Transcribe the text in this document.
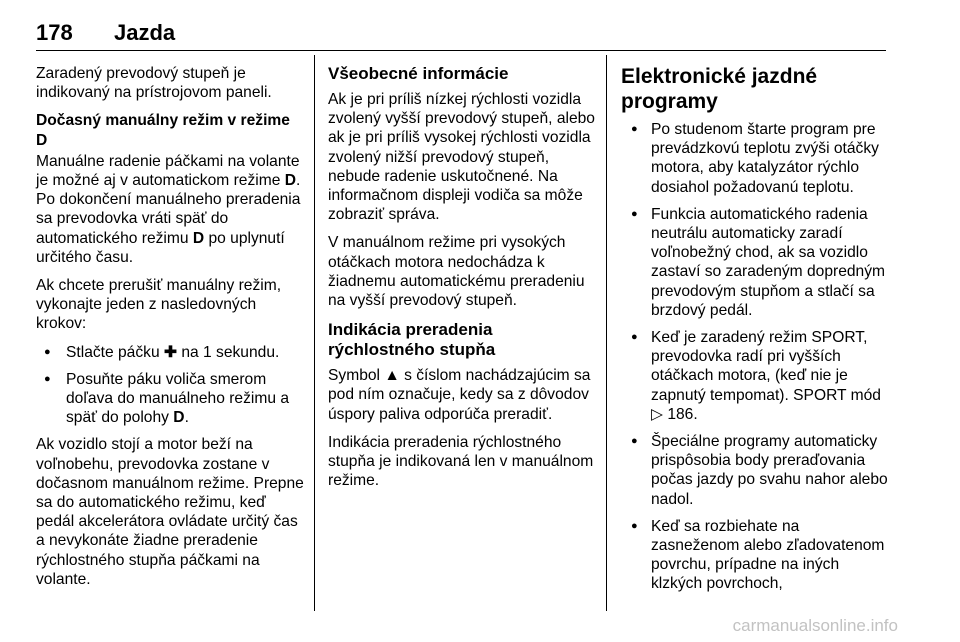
178 Jazda

Zaradený prevodový stupeň je indikovaný na prístrojovom paneli.

Dočasný manuálny režim v režime D

Manuálne radenie páčkami na volante je možné aj v automatickom režime D. Po dokončení manuálneho preradenia sa prevodovka vráti späť do automatického režimu D po uplynutí určitého času.

Ak chcete prerušiť manuálny režim, vykonajte jeden z nasledovných krokov:

● Stlačte páčku ✚ na 1 sekundu.
● Posuňte páku voliča smerom doľava do manuálneho režimu a späť do polohy D.

Ak vozidlo stojí a motor beží na voľnobehu, prevodovka zostane v dočasnom manuálnom režime. Prepne sa do automatického režimu, keď pedál akcelerátora ovládate určitý čas a nevykonáte žiadne preradenie rýchlostného stupňa páčkami na volante.

Všeobecné informácie

Ak je pri príliš nízkej rýchlosti vozidla zvolený vyšší prevodový stupeň, alebo ak je pri príliš vysokej rýchlosti vozidla zvolený nižší prevodový stupeň, nebude radenie uskutočnené. Na informačnom displeji vodiča sa môže zobraziť správa.

V manuálnom režime pri vysokých otáčkach motora nedochádza k žiadnemu automatickému preradeniu na vyšší prevodový stupeň.

Indikácia preradenia rýchlostného stupňa

Symbol ▲ s číslom nachádzajúcim sa pod ním označuje, kedy sa z dôvodov úspory paliva odporúča preradiť.

Indikácia preradenia rýchlostného stupňa je indikovaná len v manuálnom režime.

Elektronické jazdné programy

● Po studenom štarte program pre prevádzkovú teplotu zvýši otáčky motora, aby katalyzátor rýchlo dosiahol požadovanú teplotu.
● Funkcia automatického radenia neutrálu automaticky zaradí voľnobežný chod, ak sa vozidlo zastaví so zaradeným dopredným prevodovým stupňom a stlačí sa brzdový pedál.
● Keď je zaradený režim SPORT, prevodovka radí pri vyšších otáčkach motora, (keď nie je zapnutý tempomat). SPORT mód ▷ 186.
● Špeciálne programy automaticky prispôsobia body preraďovania počas jazdy po svahu nahor alebo nadol.
● Keď sa rozbiehate na zasneženom alebo zľadovatenom povrchu, prípadne na iných klzkých povrchoch,
carmanualsonline.info
